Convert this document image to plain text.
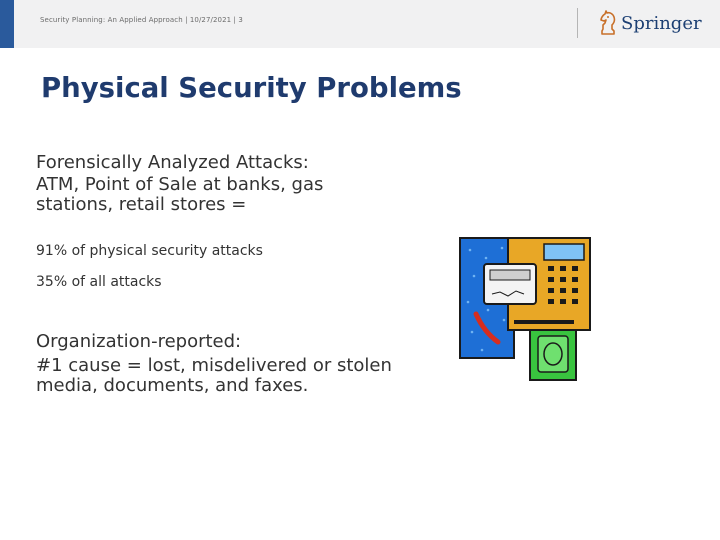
Security Planning: An Applied Approach | 10/27/2021 | 3	Springer
Physical Security Problems
Forensically Analyzed Attacks:
ATM, Point of Sale at banks, gas
stations, retail stores =
91% of physical security attacks
35% of all attacks
Organization-reported:
#1 cause = lost, misdelivered or stolen
media, documents, and faxes.
